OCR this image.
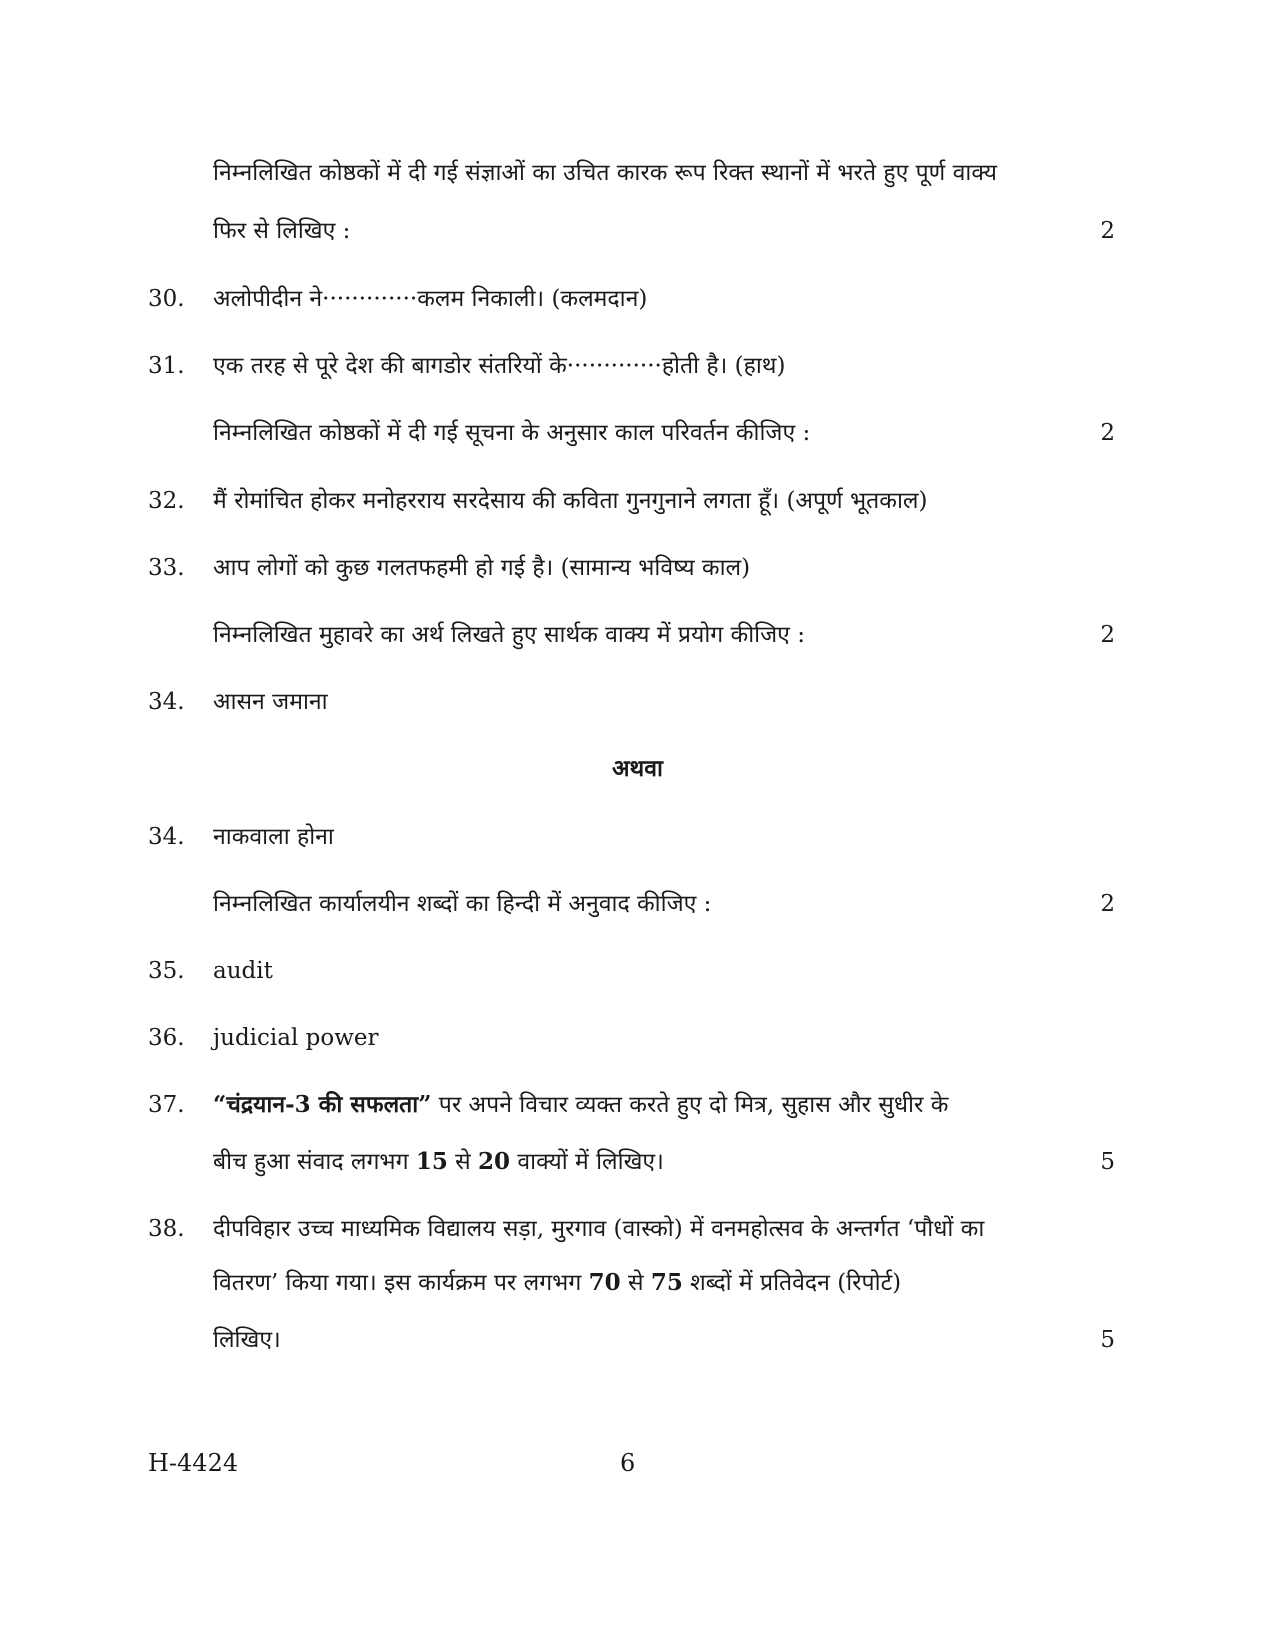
निम्नलिखित कोष्ठकों में दी गई संज्ञाओं का उचित कारक रूप रिक्त स्थानों में भरते हुए पूर्ण वाक्य
फिर से लिखिए :	2
30. अलोपीदीन ने·············कलम निकाली। (कलमदान)
31. एक तरह से पूरे देश की बागडोर संतरियों के·············होती है। (हाथ)
निम्नलिखित कोष्ठकों में दी गई सूचना के अनुसार काल परिवर्तन कीजिए :	2
32. मैं रोमांचित होकर मनोहरराय सरदेसाय की कविता गुनगुनाने लगता हूँ। (अपूर्ण भूतकाल)
33. आप लोगों को कुछ गलतफहमी हो गई है। (सामान्य भविष्य काल)
निम्नलिखित मुहावरे का अर्थ लिखते हुए सार्थक वाक्य में प्रयोग कीजिए :	2
34. आसन जमाना
अथवा
34. नाकवाला होना
निम्नलिखित कार्यालयीन शब्दों का हिन्दी में अनुवाद कीजिए :	2
35. audit
36. judicial power
37. “चंद्रयान-3 की सफलता” पर अपने विचार व्यक्त करते हुए दो मित्र, सुहास और सुधीर के
बीच हुआ संवाद लगभग 15 से 20 वाक्यों में लिखिए।	5
38. दीपविहार उच्च माध्यमिक विद्यालय सड़ा, मुरगाव (वास्को) में वनमहोत्सव के अन्तर्गत ‘पौधों का
वितरण’ किया गया। इस कार्यक्रम पर लगभग 70 से 75 शब्दों में प्रतिवेदन (रिपोर्ट)
लिखिए।	5
H-4424	6
